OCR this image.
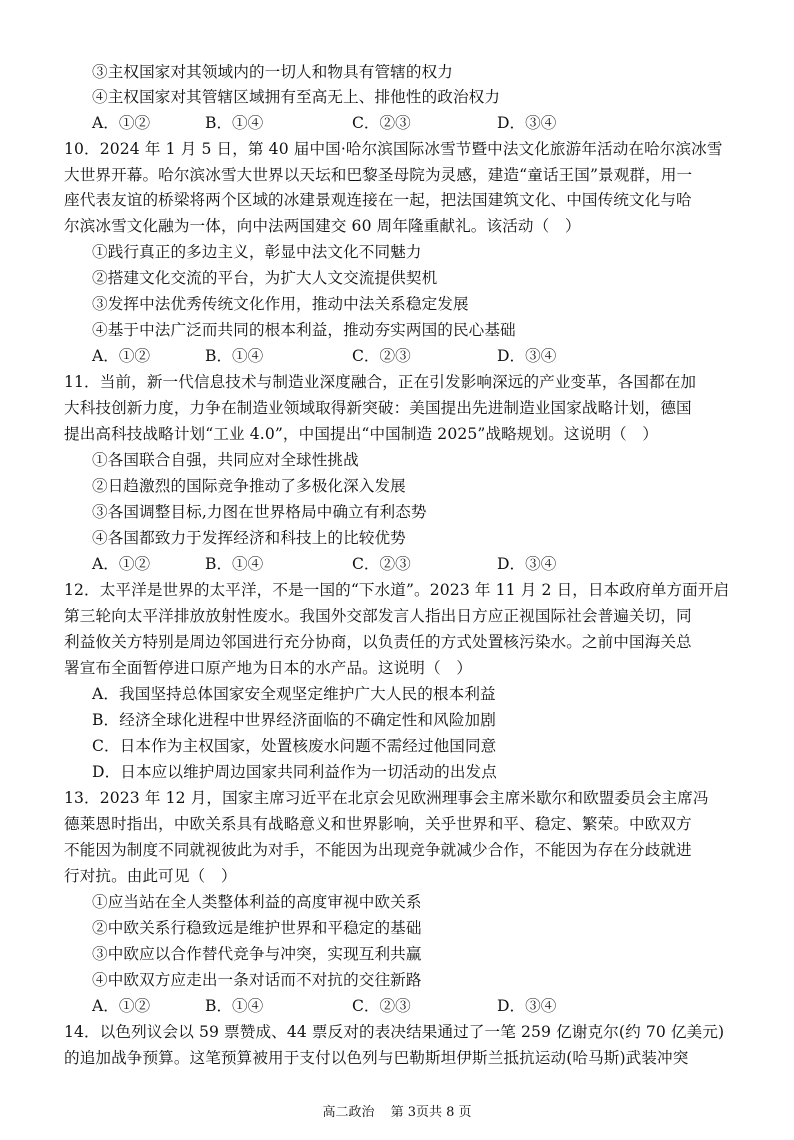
③主权国家对其领域内的一切人和物具有管辖的权力
④主权国家对其管辖区域拥有至高无上、排他性的政治权力
A．①②	B．①④	C．②③	D．③④
10．2024 年 1 月 5 日，第 40 届中国·哈尔滨国际冰雪节暨中法文化旅游年活动在哈尔滨冰雪
大世界开幕。哈尔滨冰雪大世界以天坛和巴黎圣母院为灵感，建造“童话王国”景观群，用一
座代表友谊的桥梁将两个区域的冰建景观连接在一起，把法国建筑文化、中国传统文化与哈
尔滨冰雪文化融为一体，向中法两国建交 60 周年隆重献礼。该活动（　）
①践行真正的多边主义，彰显中法文化不同魅力
②搭建文化交流的平台，为扩大人文交流提供契机
③发挥中法优秀传统文化作用，推动中法关系稳定发展
④基于中法广泛而共同的根本利益，推动夯实两国的民心基础
A．①②	B．①④	C．②③	D．③④
11．当前，新一代信息技术与制造业深度融合，正在引发影响深远的产业变革，各国都在加
大科技创新力度，力争在制造业领域取得新突破：美国提出先进制造业国家战略计划，德国
提出高科技战略计划“工业 4.0”，中国提出“中国制造 2025”战略规划。这说明（　）
①各国联合自强，共同应对全球性挑战
②日趋激烈的国际竞争推动了多极化深入发展
③各国调整目标,力图在世界格局中确立有利态势
④各国都致力于发挥经济和科技上的比较优势
A．①②	B．①④	C．②③	D．③④
12．太平洋是世界的太平洋，不是一国的“下水道”。2023 年 11 月 2 日，日本政府单方面开启
第三轮向太平洋排放放射性废水。我国外交部发言人指出日方应正视国际社会普遍关切，同
利益攸关方特别是周边邻国进行充分协商，以负责任的方式处置核污染水。之前中国海关总
署宣布全面暂停进口原产地为日本的水产品。这说明（　）
A．我国坚持总体国家安全观坚定维护广大人民的根本利益
B．经济全球化进程中世界经济面临的不确定性和风险加剧
C．日本作为主权国家，处置核废水问题不需经过他国同意
D．日本应以维护周边国家共同利益作为一切活动的出发点
13．2023 年 12 月，国家主席习近平在北京会见欧洲理事会主席米歇尔和欧盟委员会主席冯
德莱恩时指出，中欧关系具有战略意义和世界影响，关乎世界和平、稳定、繁荣。中欧双方
不能因为制度不同就视彼此为对手，不能因为出现竞争就减少合作，不能因为存在分歧就进
行对抗。由此可见（　）
①应当站在全人类整体利益的高度审视中欧关系
②中欧关系行稳致远是维护世界和平稳定的基础
③中欧应以合作替代竞争与冲突，实现互利共赢
④中欧双方应走出一条对话而不对抗的交往新路
A．①②	B．①④	C．②③	D．③④
14．以色列议会以 59 票赞成、44 票反对的表决结果通过了一笔 259 亿谢克尔(约 70 亿美元)
的追加战争预算。这笔预算被用于支付以色列与巴勒斯坦伊斯兰抵抗运动(哈马斯)武装冲突
高二政治 第 3页共 8 页
